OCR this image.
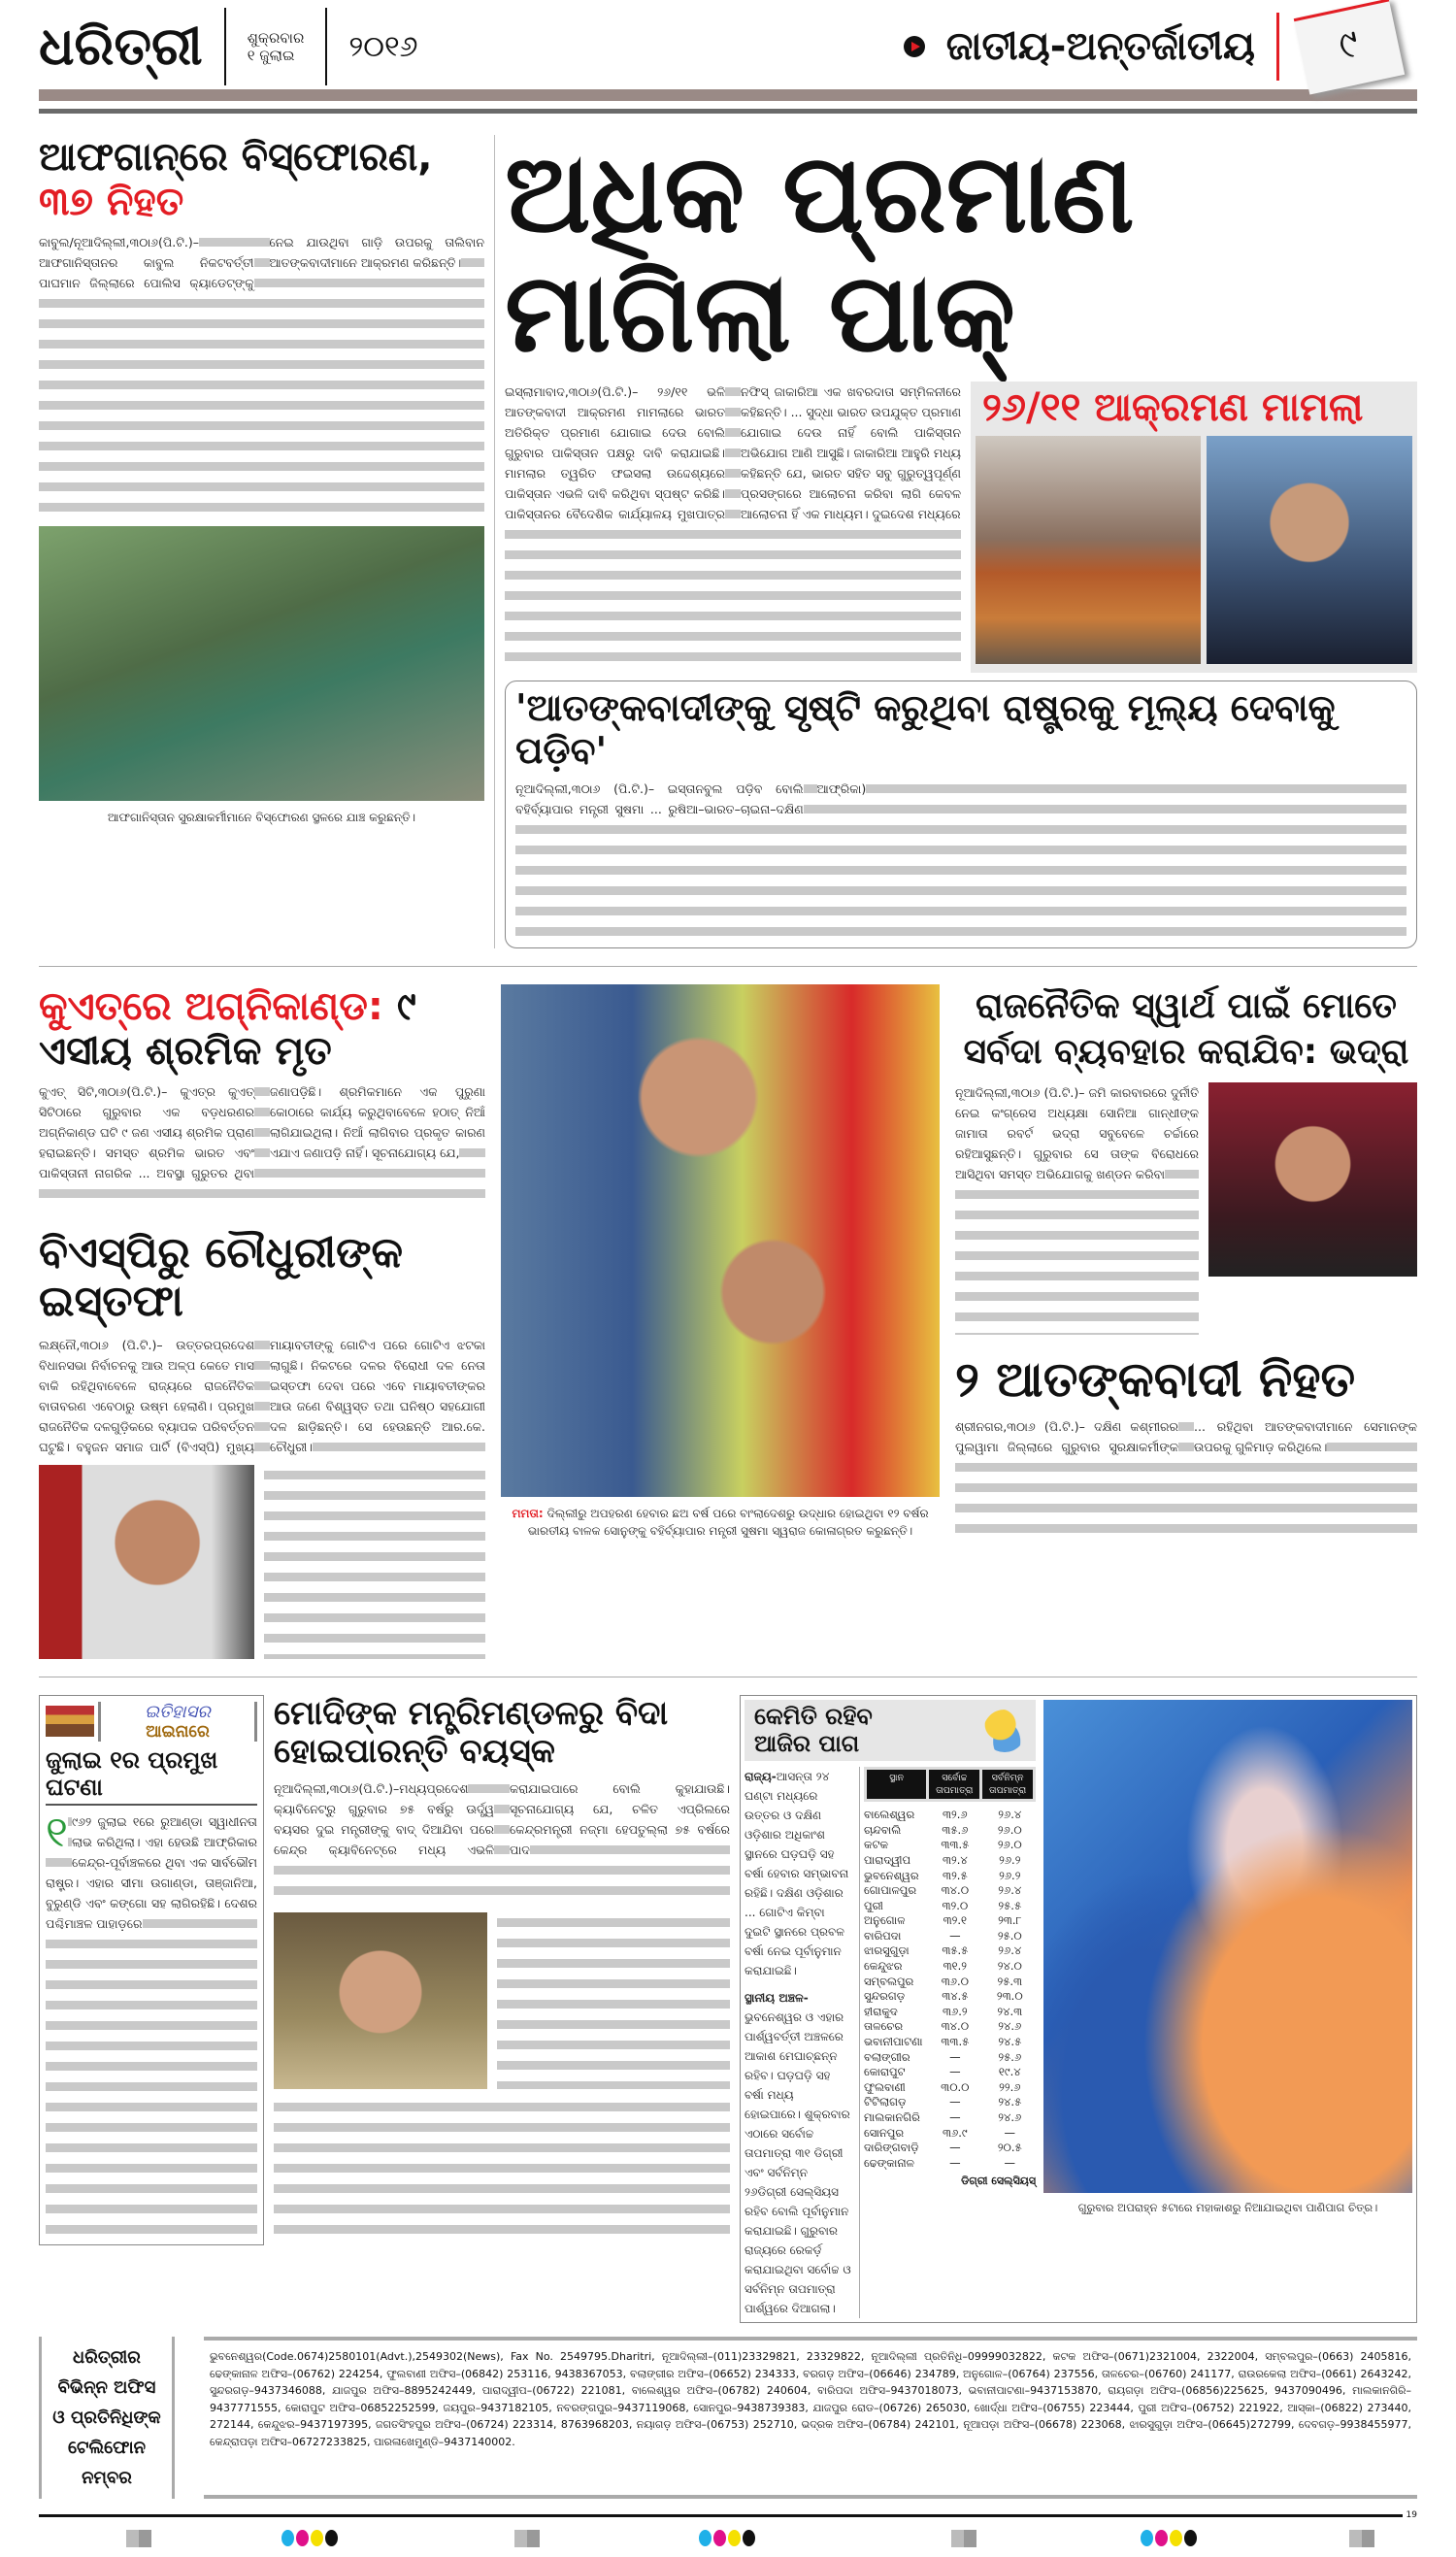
ଧରିତ୍ରୀ	ଶୁକ୍ରବାର
୧ ଜୁଲାଇ	୨୦୧୬	ଜାତୀୟ-ଅନ୍ତର୍ଜାତୀୟ	୯
ଆଫଗାନ୍‌ରେ ବିସ୍ଫୋରଣ, ୩୭ ନିହତ
କାବୁଲ/ନୂଆଦିଲ୍ଲୀ,୩୦ା୬(ପି.ଟି.)–ଆଫଗାନିସ୍ତାନର କାବୁଲ ନିକଟବର୍ତ୍ତୀ ପାଘମାନ ଜିଲ୍ଲାରେ ପୋଲିସ କ୍ୟାଡେଟ୍‌ଙ୍କୁ ନେଇ ଯାଉଥିବା ଗାଡ଼ି ଉପରକୁ ତାଲିବାନ ଆତଙ୍କବାଦୀମାନେ ଆକ୍ରମଣ କରିଛନ୍ତି।
ଆଫଗାନିସ୍ତାନ ସୁରକ୍ଷାକର୍ମୀମାନେ ବିସ୍ଫୋରଣ ସ୍ଥଳରେ ଯାଞ୍ଚ କରୁଛନ୍ତି।
ଅଧିକ ପ୍ରମାଣ ମାଗିଲା ପାକ୍
ଇସ୍‌ଲାମାବାଦ,୩୦ା୬(ପି.ଟି.)– ୨୬/୧୧ ଭଳି ଆତଙ୍କବାଦୀ ଆକ୍ରମଣ ମାମଲାରେ ଭାରତ ଅତିରିକ୍ତ ପ୍ରମାଣ ଯୋଗାଇ ଦେଉ ବୋଲି ଗୁରୁବାର ପାକିସ୍ତାନ ପକ୍ଷରୁ ଦାବି କରାଯାଇଛି। ମାମଲାର ତ୍ୱରିତ ଫଇସଲା ଉଦ୍ଦେଶ୍ୟରେ ପାକିସ୍ତାନ ଏଭଳି ଦାବି କରିଥିବା ସ୍ପଷ୍ଟ କରିଛି। ପାକିସ୍ତାନର ବୈଦେଶିକ କାର୍ଯ୍ୟାଳୟ ମୁଖପାତ୍ର ନଫିସ୍ ଜାକାରିଆ ଏକ ଖବରଦାତା ସମ୍ମିଳନୀରେ କହିଛନ୍ତି। ... ସୁଦ୍ଧା ଭାରତ ଉପଯୁକ୍ତ ପ୍ରମାଣ ଯୋଗାଇ ଦେଉ ନାହିଁ ବୋଲି ପାକିସ୍ତାନ ଅଭିଯୋଗ ଆଣି ଆସୁଛି। ଜାକାରିଆ ଆହୁରି ମଧ୍ୟ କହିଛନ୍ତି ଯେ, ଭାରତ ସହିତ ସବୁ ଗୁରୁତ୍ୱପୂର୍ଣ୍ଣ ପ୍ରସଙ୍ଗରେ ଆଲୋଚନା କରିବା ଲାଗି କେବଳ ଆଲୋଚନା ହିଁ ଏକ ମାଧ୍ୟମ। ଦୁଇଦେଶ ମଧ୍ୟରେ
୨୬/୧୧ ଆକ୍ରମଣ ମାମଲା
'ଆତଙ୍କବାଦୀଙ୍କୁ ସୃଷ୍ଟି କରୁଥିବା ରାଷ୍ଟ୍ରକୁ ମୂଲ୍ୟ ଦେବାକୁ ପଡ଼ିବ'
ନୂଆଦିଲ୍ଲୀ,୩୦ା୬ (ପି.ଟି.)– ଇସ୍ତାନବୁଲ ପଡ଼ିବ ବୋଲି ବହିର୍ବ୍ୟାପାର ମନ୍ତ୍ରୀ ସୁଷମା ... ରୁଷିଆ–ଭାରତ–ଚାଇନା–ଦକ୍ଷିଣ ଆଫ୍ରିକା)
କୁଏତ୍‌ରେ ଅଗ୍ନିକାଣ୍ଡ: ୯ ଏସୀୟ ଶ୍ରମିକ ମୃତ
କୁଏତ୍ ସିଟି,୩୦ା୬(ପି.ଟି.)– କୁଏତ୍‌ର କୁଏତ୍ ସିଟିଠାରେ ଗୁରୁବାର ଏକ ବଡ଼ଧରଣର ଅଗ୍ନିକାଣ୍ଡ ଘଟି ୯ ଜଣ ଏସୀୟ ଶ୍ରମିକ ପ୍ରାଣ ହରାଇଛନ୍ତି। ସମସ୍ତ ଶ୍ରମିକ ଭାରତ ଏବଂ ପାକିସ୍ତାନୀ ନାଗରିକ ... ଅବସ୍ଥା ଗୁରୁତର ଥିବା ଜଣାପଡ଼ିଛି। ଶ୍ରମିକମାନେ ଏକ ପୁରୁଣା କୋଠାରେ କାର୍ଯ୍ୟ କରୁଥିବାବେଳେ ହଠାତ୍ ନିଆଁ ଲାଗିଯାଇଥିଲା। ନିଆଁ ଲାଗିବାର ପ୍ରକୃତ କାରଣ ଏଯାଏ ଜଣାପଡ଼ି ନାହିଁ। ସୂଚନାଯୋଗ୍ୟ ଯେ,
ବିଏସ୍‌ପିରୁ ଚୌଧୁରୀଙ୍କ ଇସ୍ତଫା
ଲକ୍ଷ୍ନୌ,୩୦ା୬ (ପି.ଟି.)– ଉତ୍ତରପ୍ରଦେଶ ବିଧାନସଭା ନିର୍ବାଚନକୁ ଆଉ ଅଳ୍ପ କେତେ ମାସ ବାକି ରହିଥିବାବେଳେ ରାଜ୍ୟରେ ରାଜନୈତିକ ବାତାବରଣ ଏବେଠାରୁ ଉଷ୍ମ ହେଲାଣି। ପ୍ରମୁଖ ରାଜନୈତିକ ଦଳଗୁଡ଼ିକରେ ବ୍ୟାପକ ପରିବର୍ତ୍ତନ ଘଟୁଛି। ବହୁଜନ ସମାଜ ପାର୍ଟି (ବିଏସ୍‌ପି) ମୁଖ୍ୟ ମାୟାବତୀଙ୍କୁ ଗୋଟିଏ ପରେ ଗୋଟିଏ ଝଟକା ଲାଗୁଛି। ନିକଟରେ ଦଳର ବିରୋଧୀ ଦଳ ନେତା ଇସ୍ତଫା ଦେବା ପରେ ଏବେ ମାୟାବତୀଙ୍କର ଆଉ ଜଣେ ବିଶ୍ୱସ୍ତ ତଥା ଘନିଷ୍ଠ ସହଯୋଗୀ ଦଳ ଛାଡ଼ିଛନ୍ତି। ସେ ହେଉଛନ୍ତି ଆର.କେ. ଚୌଧୁରୀ।
ମମତା: ଦିଲ୍ଲୀରୁ ଅପହରଣ ହେବାର ଛଅ ବର୍ଷ ପରେ ବାଂଲାଦେଶରୁ ଉଦ୍ଧାର ହୋଇଥିବା ୧୨ ବର୍ଷର ଭାରତୀୟ ବାଳକ ସୋନୁଙ୍କୁ ବହିର୍ବ୍ୟାପାର ମନ୍ତ୍ରୀ ସୁଷମା ସ୍ୱରାଜ କୋଳାଗ୍ରତ କରୁଛନ୍ତି।
ରାଜନୈତିକ ସ୍ୱାର୍ଥ ପାଇଁ ମୋତେ
ସର୍ବଦା ବ୍ୟବହାର କରାଯିବ: ଭଦ୍ରା
ନୂଆଦିଲ୍ଲୀ,୩୦ା୬ (ପି.ଟି.)– ଜମି କାରବାରରେ ଦୁର୍ନୀତି ନେଇ କଂଗ୍ରେସ ଅଧ୍ୟକ୍ଷା ସୋନିଆ ଗାନ୍ଧୀଙ୍କ ଜାମାତା ରବର୍ଟ ଭଦ୍ରା ସବୁବେଳେ ଚର୍ଚ୍ଚାରେ ରହିଆସୁଛନ୍ତି। ଗୁରୁବାର ସେ ତାଙ୍କ ବିରୋଧରେ ଆସିଥିବା ସମସ୍ତ ଅଭିଯୋଗକୁ ଖଣ୍ଡନ କରିବା
୨ ଆତଙ୍କବାଦୀ ନିହତ
ଶ୍ରୀନଗର,୩୦ା୬ (ପି.ଟି.)– ଦକ୍ଷିଣ କଶ୍ମୀରର ପୁଲୱାମା ଜିଲ୍ଲାରେ ଗୁରୁବାର ସୁରକ୍ଷାକର୍ମୀଙ୍କ ... ରହିଥିବା ଆତଙ୍କବାଦୀମାନେ ସେମାନଙ୍କ ଉପରକୁ ଗୁଳିମାଡ଼ କରିଥିଲେ।
ଇତିହାସର
ଆଇନାରେ
ଜୁଲାଇ ୧ର ପ୍ରମୁଖ ଘଟଣା
୧ ୯୬୨ ଜୁଲାଇ ୧ରେ ରୁଆଣ୍ଡା ସ୍ୱାଧୀନତା ଲାଭ କରିଥିଲା। ଏହା ହେଉଛି ଆଫ୍ରିକାର କେନ୍ଦ୍ର-ପୂର୍ବାଞ୍ଚଳରେ ଥିବା ଏକ ସାର୍ବଭୌମ ରାଷ୍ଟ୍ର। ଏହାର ସୀମା ଉଗାଣ୍ଡା, ତାଞ୍ଜାନିଆ, ବୁରୁଣ୍ଡି ଏବଂ କଙ୍ଗୋ ସହ ଲାଗିରହିଛି। ଦେଶର ପଶ୍ଚିମାଞ୍ଚଳ ପାହାଡ଼ରେ
ମୋଦିଙ୍କ ମନ୍ତ୍ରିମଣ୍ଡଳରୁ ବିଦା ହୋଇପାରନ୍ତି ବୟସ୍କ
ନୂଆଦିଲ୍ଲୀ,୩୦ା୬(ପି.ଟି.)–ମଧ୍ୟପ୍ରଦେଶ କ୍ୟାବିନେଟ୍‌ରୁ ଗୁରୁବାର ୭୫ ବର୍ଷରୁ ଊର୍ଦ୍ଧ୍ୱ ବୟସର ଦୁଇ ମନ୍ତ୍ରୀଙ୍କୁ ବାଦ୍ ଦିଆଯିବା ପରେ କେନ୍ଦ୍ର କ୍ୟାବିନେଟ୍‌ରେ ମଧ୍ୟ ଏଭଳି କରାଯାଇପାରେ ବୋଲି କୁହାଯାଉଛି। ସୂଚନାଯୋଗ୍ୟ ଯେ, ଚଳିତ ଏପ୍ରିଲରେ କେନ୍ଦ୍ରମନ୍ତ୍ରୀ ନଜ୍‌ମା ହେପତୁଲ୍ଲା ୭୫ ବର୍ଷରେ ପାଦ
କେମିତି ରହିବ
ଆଜିର ପାଗ
ରାଜ୍ୟ-ଆସନ୍ତା ୨୪ ଘଣ୍ଟା ମଧ୍ୟରେ ଉତ୍ତର ଓ ଦକ୍ଷିଣ ଓଡ଼ିଶାର ଅଧିକାଂଶ ସ୍ଥାନରେ ଘଡ଼ଘଡ଼ି ସହ ବର୍ଷା ହେବାର ସମ୍ଭାବନା ରହିଛି। ଦକ୍ଷିଣ ଓଡ଼ିଶାର ... ଗୋଟିଏ କିମ୍ବା ଦୁଇଟି ସ୍ଥାନରେ ପ୍ରବଳ ବର୍ଷା ନେଇ ପୂର୍ବାନୁମାନ କରାଯାଇଛି।
ସ୍ଥାନୀୟ ଅଞ୍ଚଳ-ଭୁବନେଶ୍ୱର ଓ ଏହାର ପାର୍ଶ୍ୱବର୍ତ୍ତୀ ଅଞ୍ଚଳରେ ଆକାଶ ମେଘାଚ୍ଛନ୍ନ ରହିବ। ଘଡ଼ଘଡ଼ି ସହ ବର୍ଷା ମଧ୍ୟ ହୋଇପାରେ। ଶୁକ୍ରବାର ଏଠାରେ ସର୍ବୋଚ୍ଚ ତାପମାତ୍ରା ୩୧ ଡିଗ୍ରୀ ଏବଂ ସର୍ବନିମ୍ନ ୨୬ଡିଗ୍ରୀ ସେଲ୍‌ସିୟସ ରହିବ ବୋଲି ପୂର୍ବାନୁମାନ କରାଯାଇଛି। ଗୁରୁବାର ରାଜ୍ୟରେ ରେକର୍ଡ଼ କରାଯାଇଥିବା ସର୍ବୋଚ୍ଚ ଓ ସର୍ବନିମ୍ନ ତାପମାତ୍ରା ପାର୍ଶ୍ୱରେ ଦିଆଗଲା।
ସ୍ଥାନ	ସର୍ବୋଚ୍ଚ ତାପମାତ୍ରା
ସର୍ବନିମ୍ନ ତାପମାତ୍ରା
ବାଲେଶ୍ୱର	୩୨.୬	୨୬.୪
ଚାନ୍ଦବାଲି	୩୫.୬	୨୬.୦
କଟକ	୩୩.୫	୨୬.୦
ପାରାଦ୍ୱୀପ	୩୨.୪	୨୬.୨
ଭୁବନେଶ୍ୱର	୩୨.୫	୨୬.୨
ଗୋପାଳପୁର	୩୪.୦	୨୬.୪
ପୁରୀ	୩୨.୦	୨୫.୫
ଅନୁଗୋଳ	୩୨.୧	୨୩.୮
ବାରିପଦା	—	୨୫.୦
ଝାରସୁଗୁଡ଼ା	୩୫.୫	୨୬.୪
କେନ୍ଦୁଝର	୩୧.୨	୨୪.୦
ସମ୍ବଲପୁର	୩୬.୦	୨୫.୩
ସୁନ୍ଦରଗଡ଼	୩୪.୫	୨୩.୦
ହୀରାକୁଦ	୩୬.୨	୨୪.୩
ତାଳଚେର	୩୪.୦	୨୪.୬
ଭବାନୀପାଟଣା	୩୩.୫	୨୪.୫
ବଲାଙ୍ଗୀର	—	୨୫.୬
କୋରାପୁଟ	—	୧୯.୪
ଫୁଲବାଣୀ	୩୦.୦	୨୨.୬
ଟିଟିଲାଗଡ଼	—	୨୪.୫
ମାଲକାନଗିରି	—	୨୪.୬
ସୋନପୁର	୩୬.୯	—
ଦାରିଙ୍ଗବାଡ଼ି	—	୨୦.୫
ଢେଙ୍କାନାଳ	—	—
ଡିଗ୍ରୀ ସେଲ୍‌ସିୟସ୍
ଗୁରୁବାର ଅପରାହ୍ନ ୫ଟାରେ ମହାକାଶରୁ ନିଆଯାଇଥିବା ପାଣିପାଗ ଚିତ୍ର।
ଧରିତ୍ରୀର
ବିଭିନ୍ନ ଅଫିସ
ଓ ପ୍ରତିନିଧିଙ୍କ
ଟେଲିଫୋନ ନମ୍ବର
ଭୁବନେଶ୍ୱର(Code.0674)2580101(Advt.),2549302(News), Fax No. 2549795.Dharitri, ନୂଆଦିଲ୍ଲୀ–(011)23329821, 23329822, ନୂଆଦିଲ୍ଲୀ ପ୍ରତିନିଧି–09999032822, କଟକ ଅଫିସ–(0671)2321004, 2322004, ସମ୍ବଲପୁର–(0663) 2405816, ଢେଙ୍କାନାଳ ଅଫିସ–(06762) 224254, ଫୁଲବାଣୀ ଅଫିସ–(06842) 253116, 9438367053, ବଲାଙ୍ଗୀର ଅଫିସ–(06652) 234333, ବରଗଡ଼ ଅଫିସ–(06646) 234789, ଅନୁଗୋଳ–(06764) 237556, ତାଳଚେର–(06760) 241177, ରାଉରକେଲା ଅଫିସ–(0661) 2643242, ସୁନ୍ଦରଗଡ଼–9437346088, ଯାଜପୁର ଅଫିସ–8895242449, ପାରାଦ୍ୱୀପ–(06722) 221081, ବାଲେଶ୍ୱର ଅଫିସ–(06782) 240604, ବାରିପଦା ଅଫିସ–9437018073, ଭବାନୀପାଟଣା–9437153870, ରାୟଗଡ଼ା ଅଫିସ–(06856)225625, 9437090496, ମାଲକାନଗିରି–9437771555, କୋରାପୁଟ ଅଫିସ–06852252599, ଜୟପୁର–9437182105, ନବରଙ୍ଗପୁର–9437119068, ସୋନପୁର–9438739383, ଯାଜପୁର ରୋଡ–(06726) 265030, ଖୋର୍ଦ୍ଧା ଅଫିସ–(06755) 223444, ପୁରୀ ଅଫିସ–(06752) 221922, ଆସ୍କା–(06822) 273440, 272144, କେନ୍ଦୁଝର–9437197395, ଜଗତସିଂହପୁର ଅଫିସ–(06724) 223314, 8763968203, ନୟାଗଡ଼ ଅଫିସ–(06753) 252710, ଭଦ୍ରକ ଅଫିସ–(06784) 242101, ନୂଆପଡ଼ା ଅଫିସ–(06678) 223068, ଝାରସୁଗୁଡ଼ା ଅଫିସ–(06645)272799, ଦେବଗଡ଼–9938455977, କେନ୍ଦ୍ରାପଡ଼ା ଅଫିସ–06727233825, ପାରଳାଖେମୁଣ୍ଡି–9437140002.
19
